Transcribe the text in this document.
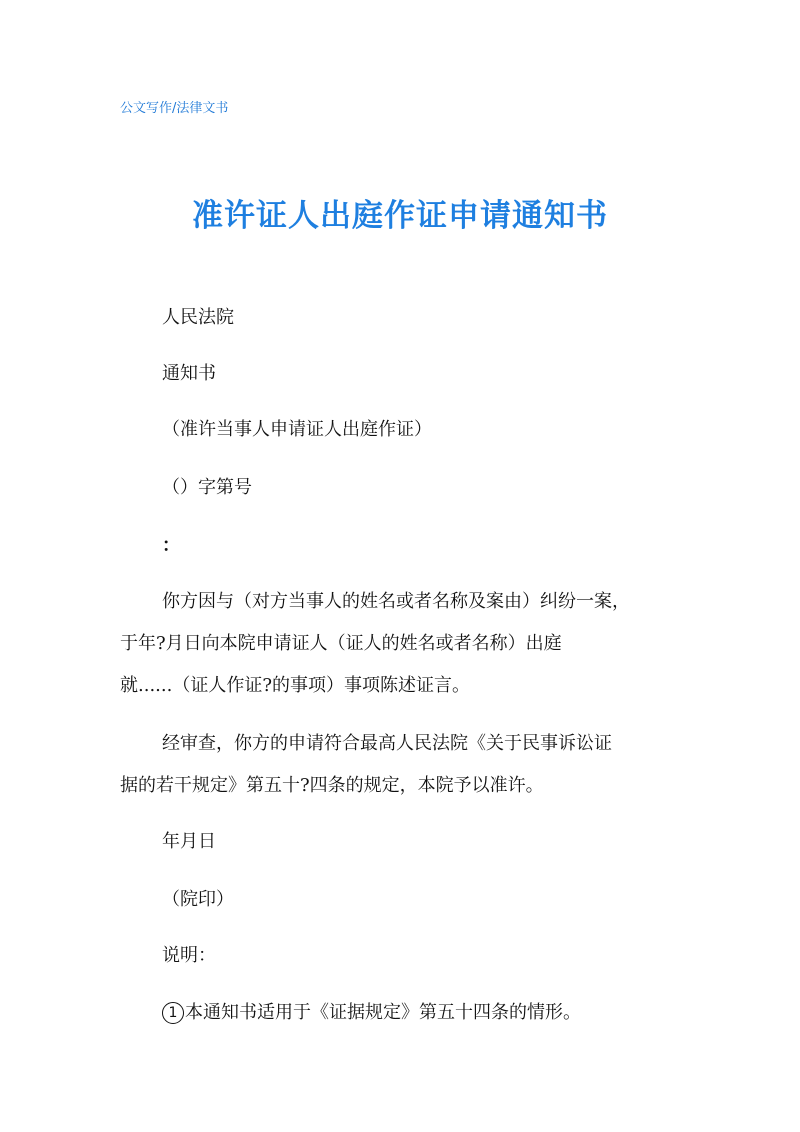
公文写作/法律文书
准许证人出庭作证申请通知书
人民法院
通知书
（准许当事人申请证人出庭作证）
（）字第号
：
你方因与（对方当事人的姓名或者名称及案由）纠纷一案，
于年?月日向本院申请证人（证人的姓名或者名称）出庭
就......（证人作证?的事项）事项陈述证言。
经审查，你方的申请符合最高人民法院《关于民事诉讼证
据的若干规定》第五十?四条的规定，本院予以准许。
年月日
（院印）
说明：
1 本通知书适用于《证据规定》第五十四条的情形。
